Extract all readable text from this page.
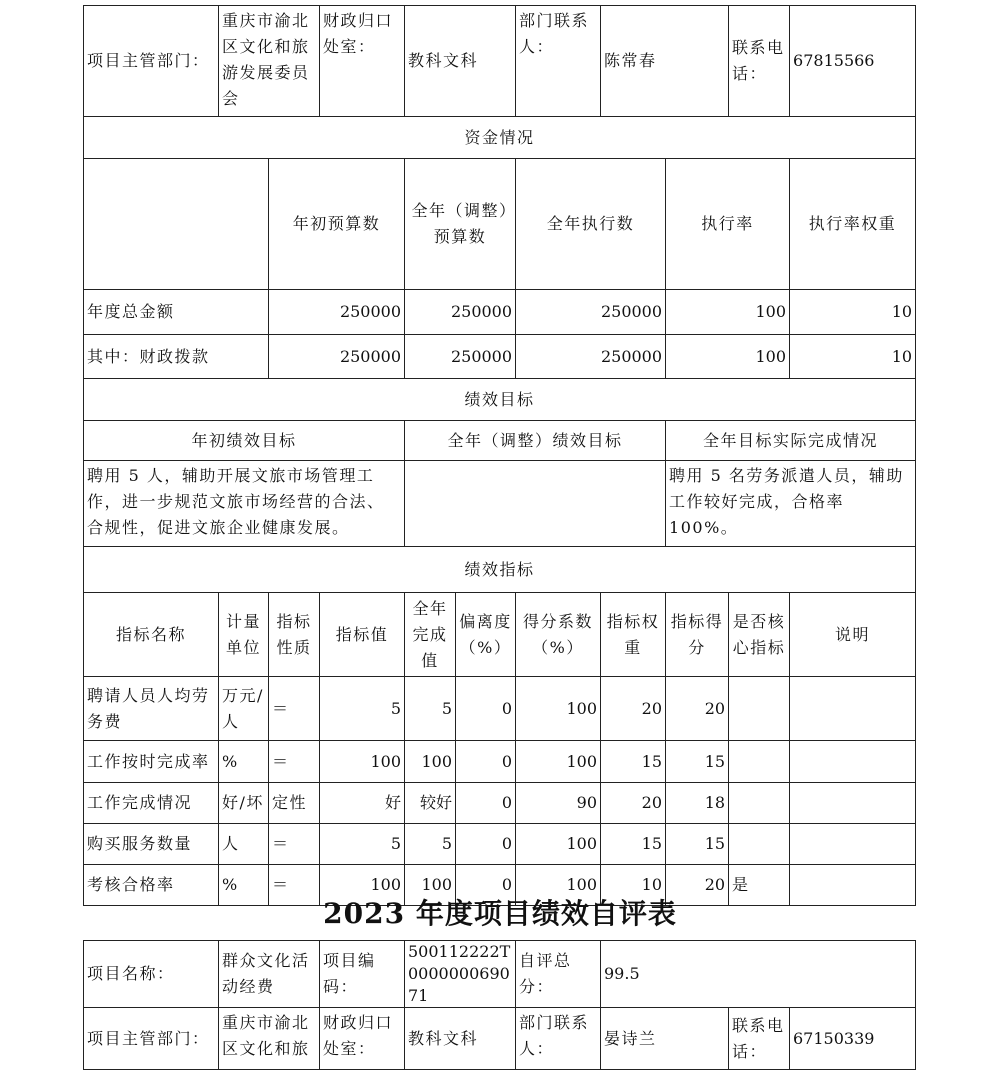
项目主管部门：	重庆市渝北区文化和旅游发展委员会		财政归口处室：	教科文科		部门联系人：	陈常春		联系电话：	67815566	
资金情况											
		年初预算数		全年（调整）预算数		全年执行数		执行率		执行率权重	
年度总金额		250000		250000		250000		100		10	
其中：财政拨款		250000		250000		250000		100		10	
绩效目标											
年初绩效目标				全年（调整）绩效目标				全年目标实际完成情况			
聘用 5 人，辅助开展文旅市场管理工作，进一步规范文旅市场经营的合法、合规性，促进文旅企业健康发展。								聘用 5 名劳务派遣人员，辅助工作较好完成，合格率100%。			
绩效指标											
指标名称	计量单位	指标性质	指标值	全年完成值	偏离度（%）	得分系数（%）	指标权重	指标得分	是否核心指标	说明	
聘请人员人均劳务费	万元/人	＝	5	5	0	100	20	20			
工作按时完成率	%	＝	100	100	0	100	15	15			
工作完成情况	好/坏	定性	好	较好	0	90	20	18			
购买服务数量	人	＝	5	5	0	100	15	15			
考核合格率	%	＝	100	100	0	100	10	20	是		
2023 年度项目绩效自评表
项目名称：	群众文化活动经费	项目编码：	500112222T000000069071	自评总分：	99.5		
项目主管部门：	重庆市渝北区文化和旅	财政归口处室：	教科文科	部门联系人：	晏诗兰	联系电话：	67150339
